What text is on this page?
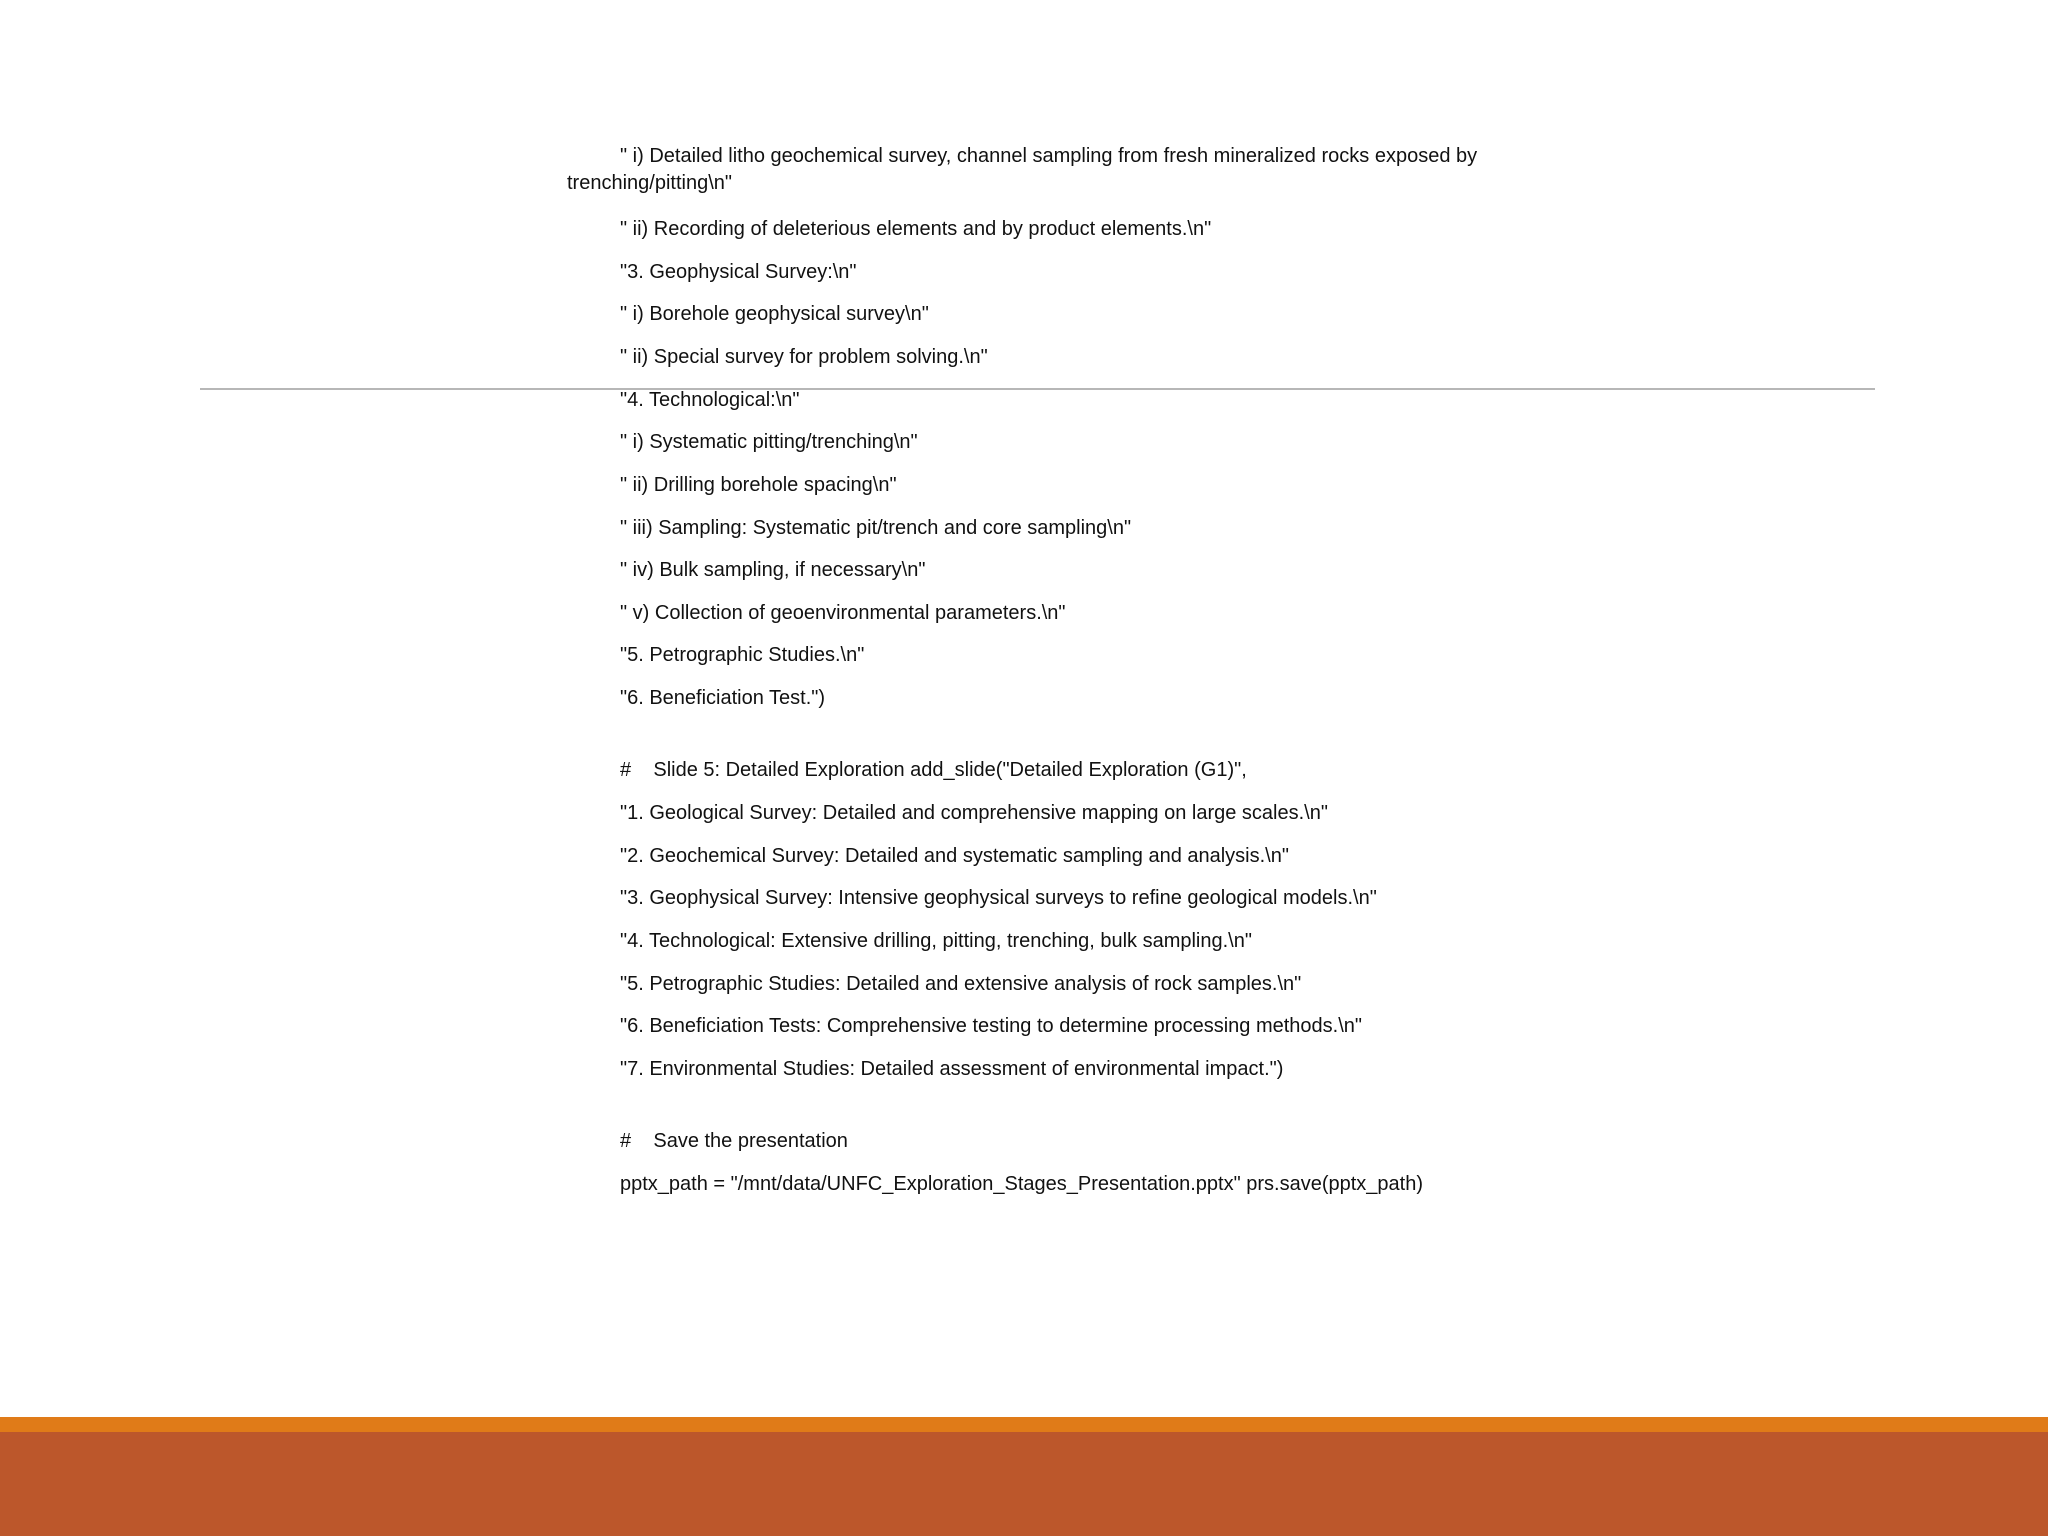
" i) Detailed litho geochemical survey, channel sampling from fresh mineralized rocks exposed by
trenching/pitting\n"
" ii) Recording of deleterious elements and by product elements.\n"
"3. Geophysical Survey:\n"
" i) Borehole geophysical survey\n"
" ii) Special survey for problem solving.\n"
"4. Technological:\n"
" i) Systematic pitting/trenching\n"
" ii) Drilling borehole spacing\n"
" iii) Sampling: Systematic pit/trench and core sampling\n"
" iv) Bulk sampling, if necessary\n"
" v) Collection of geoenvironmental parameters.\n"
"5. Petrographic Studies.\n"
"6. Beneficiation Test.")
#    Slide 5: Detailed Exploration add_slide("Detailed Exploration (G1)",
"1. Geological Survey: Detailed and comprehensive mapping on large scales.\n"
"2. Geochemical Survey: Detailed and systematic sampling and analysis.\n"
"3. Geophysical Survey: Intensive geophysical surveys to refine geological models.\n"
"4. Technological: Extensive drilling, pitting, trenching, bulk sampling.\n"
"5. Petrographic Studies: Detailed and extensive analysis of rock samples.\n"
"6. Beneficiation Tests: Comprehensive testing to determine processing methods.\n"
"7. Environmental Studies: Detailed assessment of environmental impact.")
#    Save the presentation
pptx_path = "/mnt/data/UNFC_Exploration_Stages_Presentation.pptx" prs.save(pptx_path)
